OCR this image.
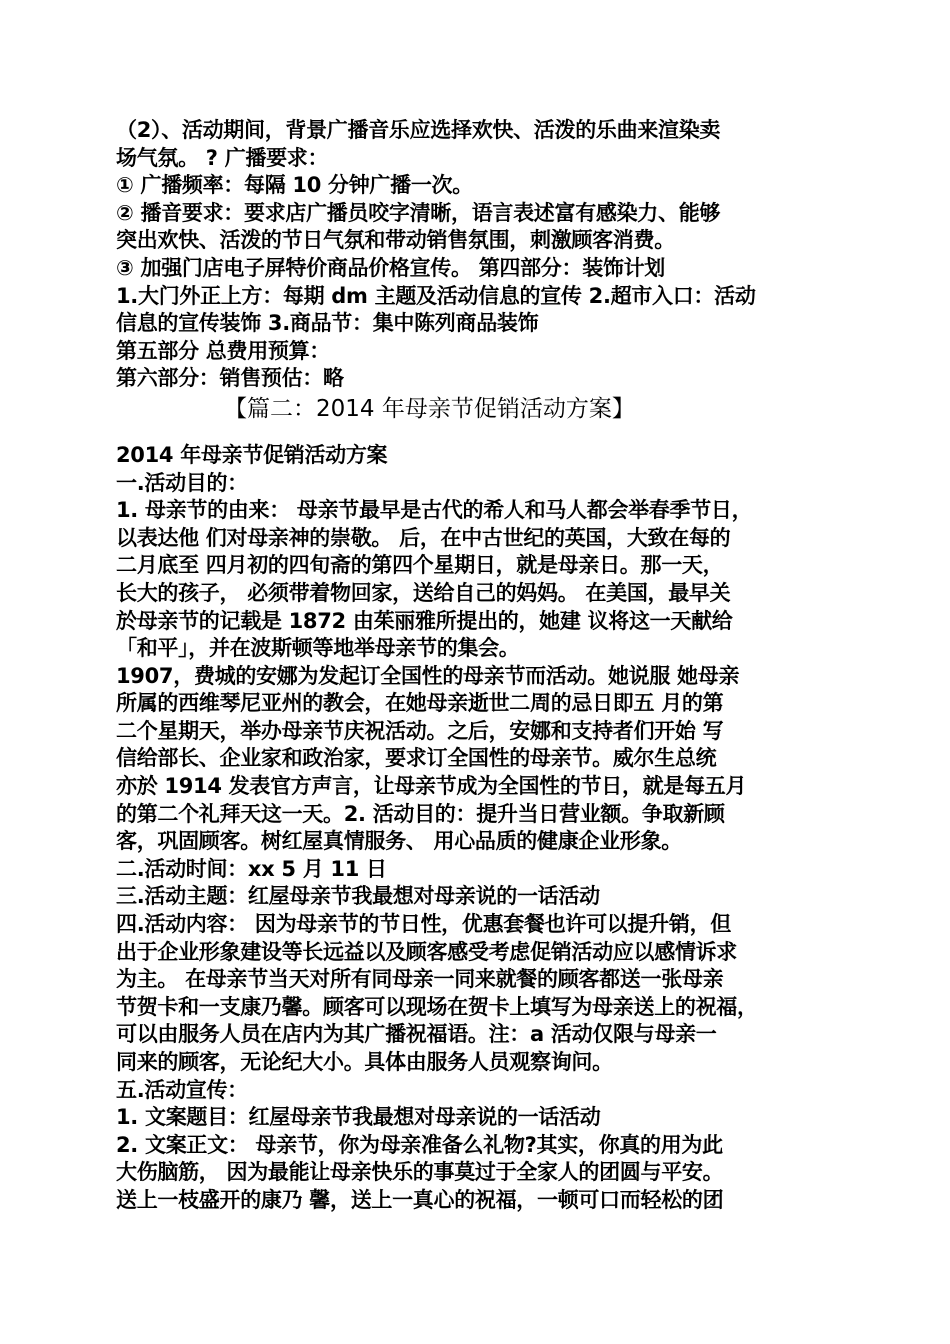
（2）、活动期间，背景广播音乐应选择欢快、活泼的乐曲来渲染卖
场气氛。 ? 广播要求：
① 广播频率：每隔 10 分钟广播一次。
② 播音要求：要求店广播员咬字清晰，语言表述富有感染力、能够
突出欢快、活泼的节日气氛和带动销售氛围，刺激顾客消费。
③ 加强门店电子屏特价商品价格宣传。 第四部分：装饰计划
1.大门外正上方：每期 dm 主题及活动信息的宣传 2.超市入口：活动
信息的宣传装饰 3.商品节：集中陈列商品装饰
第五部分 总费用预算：
第六部分：销售预估：略
【篇二：2014 年母亲节促销活动方案】
2014 年母亲节促销活动方案
一.活动目的：
1. 母亲节的由来： 母亲节最早是古代的希人和马人都会举春季节日，
以表达他 们对母亲神的崇敬。 后，在中古世纪的英国，大致在每的
二月底至 四月初的四旬斋的第四个星期日，就是母亲日。那一天，
长大的孩子， 必须带着物回家，送给自己的妈妈。 在美国，最早关
於母亲节的记载是 1872 由茱丽雅所提出的，她建 议将这一天献给
「和平」，并在波斯顿等地举母亲节的集会。
1907，费城的安娜为发起订全国性的母亲节而活动。她说服 她母亲
所属的西维琴尼亚州的教会，在她母亲逝世二周的忌日即五 月的第
二个星期天，举办母亲节庆祝活动。之后，安娜和支持者们开始 写
信给部长、企业家和政治家，要求订全国性的母亲节。威尔生总统
亦於 1914 发表官方声言，让母亲节成为全国性的节日，就是每五月
的第二个礼拜天这一天。2. 活动目的：提升当日营业额。争取新顾
客，巩固顾客。树红屋真情服务、 用心品质的健康企业形象。
二.活动时间：xx 5 月 11 日
三.活动主题：红屋母亲节我最想对母亲说的一话活动
四.活动内容： 因为母亲节的节日性，优惠套餐也许可以提升销，但
出于企业形象建设等长远益以及顾客感受考虑促销活动应以感情诉求
为主。 在母亲节当天对所有同母亲一同来就餐的顾客都送一张母亲
节贺卡和一支康乃馨。顾客可以现场在贺卡上填写为母亲送上的祝福，
可以由服务人员在店内为其广播祝福语。注：a 活动仅限与母亲一
同来的顾客，无论纪大小。具体由服务人员观察询问。
五.活动宣传：
1. 文案题目：红屋母亲节我最想对母亲说的一话活动
2. 文案正文： 母亲节，你为母亲准备么礼物?其实，你真的用为此
大伤脑筋， 因为最能让母亲快乐的事莫过于全家人的团圆与平安。
送上一枝盛开的康乃 馨，送上一真心的祝福，一顿可口而轻松的团
